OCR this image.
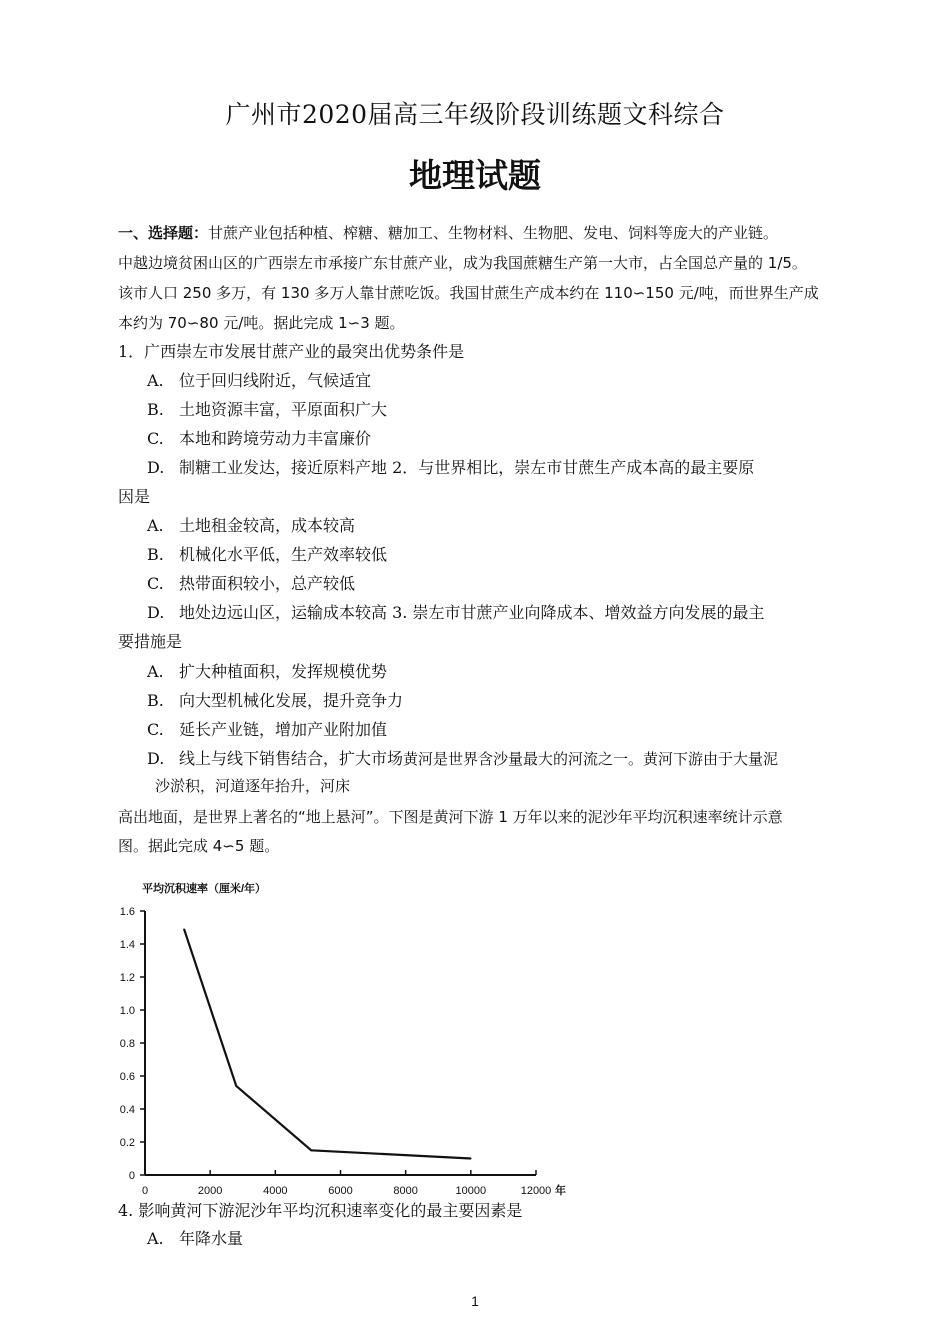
广州市2020届高三年级阶段训练题文科综合
地理试题
一、选择题：甘蔗产业包括种植、榨糖、糖加工、生物材料、生物肥、发电、饲料等庞大的产业链。
中越边境贫困山区的广西崇左市承接广东甘蔗产业，成为我国蔗糖生产第一大市，占全国总产量的 1/5。
该市人口 250 多万，有 130 多万人靠甘蔗吃饭。我国甘蔗生产成本约在 110∽150 元/吨，而世界生产成
本约为 70∽80 元/吨。据此完成 1∽3 题。
1．广西崇左市发展甘蔗产业的最突出优势条件是
A. 位于回归线附近，气候适宜
B. 土地资源丰富，平原面积广大
C. 本地和跨境劳动力丰富廉价
D. 制糖工业发达，接近原料产地 2．与世界相比，崇左市甘蔗生产成本高的最主要原
因是
A. 土地租金较高，成本较高
B. 机械化水平低，生产效率较低
C. 热带面积较小，总产较低
D. 地处边远山区，运输成本较高 3. 崇左市甘蔗产业向降成本、增效益方向发展的最主
要措施是
A. 扩大种植面积，发挥规模优势
B. 向大型机械化发展，提升竞争力
C. 延长产业链，增加产业附加值
D. 线上与线下销售结合，扩大市场黄河是世界含沙量最大的河流之一。黄河下游由于大量泥
沙淤积，河道逐年抬升，河床
高出地面，是世界上著名的“地上悬河”。下图是黄河下游 1 万年以来的泥沙年平均沉积速率统计示意
图。据此完成 4∽5 题。
平均沉积速率（厘米/年）
0
0.2
0.4
0.6
0.8
1.0
1.2
1.4
1.6
0	2000	4000	6000	8000	10000	12000 年
4. 影响黄河下游泥沙年平均沉积速率变化的最主要因素是
A. 年降水量
1
